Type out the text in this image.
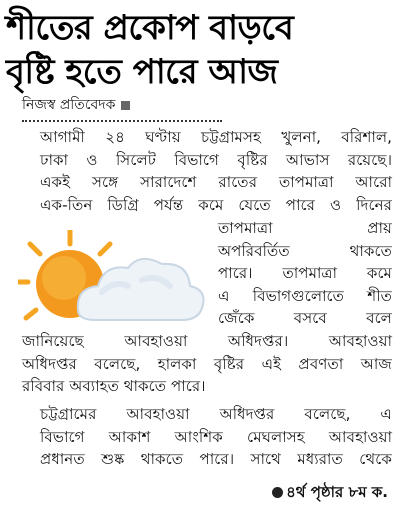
শীতের প্রকোপ বাড়বে
বৃষ্টি হতে পারে আজ
নিজস্ব প্রতিবেদক

আগামী ২৪ ঘণ্টায় চট্টগ্রামসহ খুলনা, বরিশাল,
ঢাকা ও সিলেট বিভাগে বৃষ্টির আভাস রয়েছে।
একই সঙ্গে সারাদেশে রাতের তাপমাত্রা আরো
এক-তিন ডিগ্রি পর্যন্ত কমে যেতে পারে ও দিনের

তাপমাত্রা প্রায়
অপরিবর্তিত থাকতে
পারে। তাপমাত্রা কমে
এ বিভাগগুলোতে শীত
জেঁকে বসবে বলে
জানিয়েছে আবহাওয়া অধিদপ্তর। আবহাওয়া
অধিদপ্তর বলেছে, হালকা বৃষ্টির এই প্রবণতা আজ
রবিবার অব্যাহত থাকতে পারে।

চট্টগ্রামের আবহাওয়া অধিদপ্তর বলেছে, এ
বিভাগে আকাশ আংশিক মেঘলাসহ আবহাওয়া
প্রধানত শুষ্ক থাকতে পারে। সাথে মধ্যরাত থেকে

৪র্থ পৃষ্ঠার ৮ম ক.
